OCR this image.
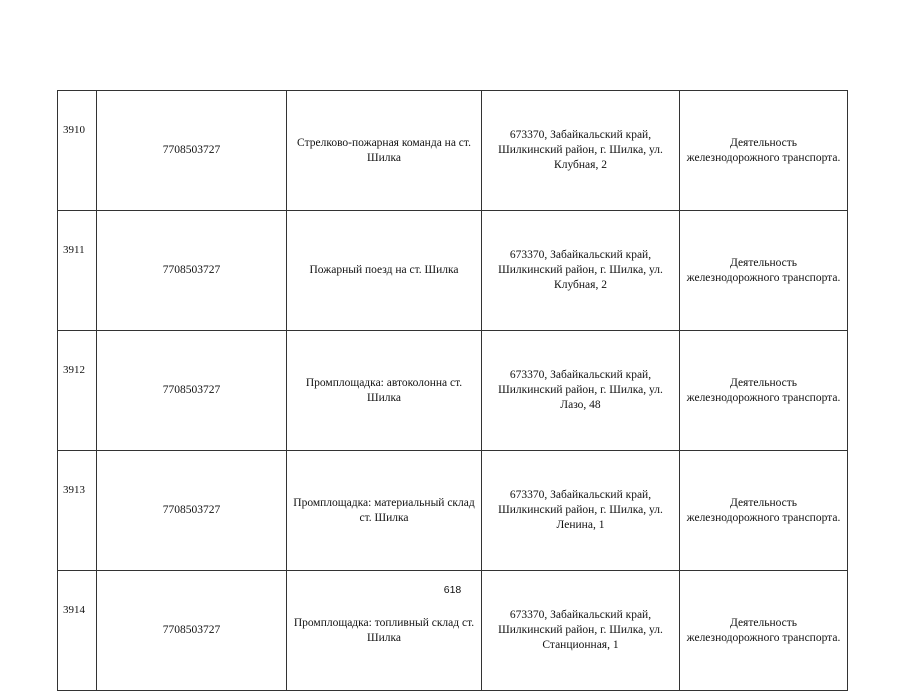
3910	7708503727	Стрелково-пожарная команда на ст. Шилка	673370, Забайкальский край, Шилкинский район, г. Шилка, ул. Клубная, 2	Деятельность железнодорожного транспорта.
3911	7708503727	Пожарный поезд на ст. Шилка	673370, Забайкальский край, Шилкинский район, г. Шилка, ул. Клубная, 2	Деятельность железнодорожного транспорта.
3912	7708503727	Промплощадка: автоколонна ст. Шилка	673370, Забайкальский край, Шилкинский район, г. Шилка, ул. Лазо, 48	Деятельность железнодорожного транспорта.
3913	7708503727	Промплощадка: материальный склад ст. Шилка	673370, Забайкальский край, Шилкинский район, г. Шилка, ул. Ленина, 1	Деятельность железнодорожного транспорта.
3914	7708503727	Промплощадка: топливный склад ст. Шилка	673370, Забайкальский край, Шилкинский район, г. Шилка, ул. Станционная, 1	Деятельность железнодорожного транспорта.
618
